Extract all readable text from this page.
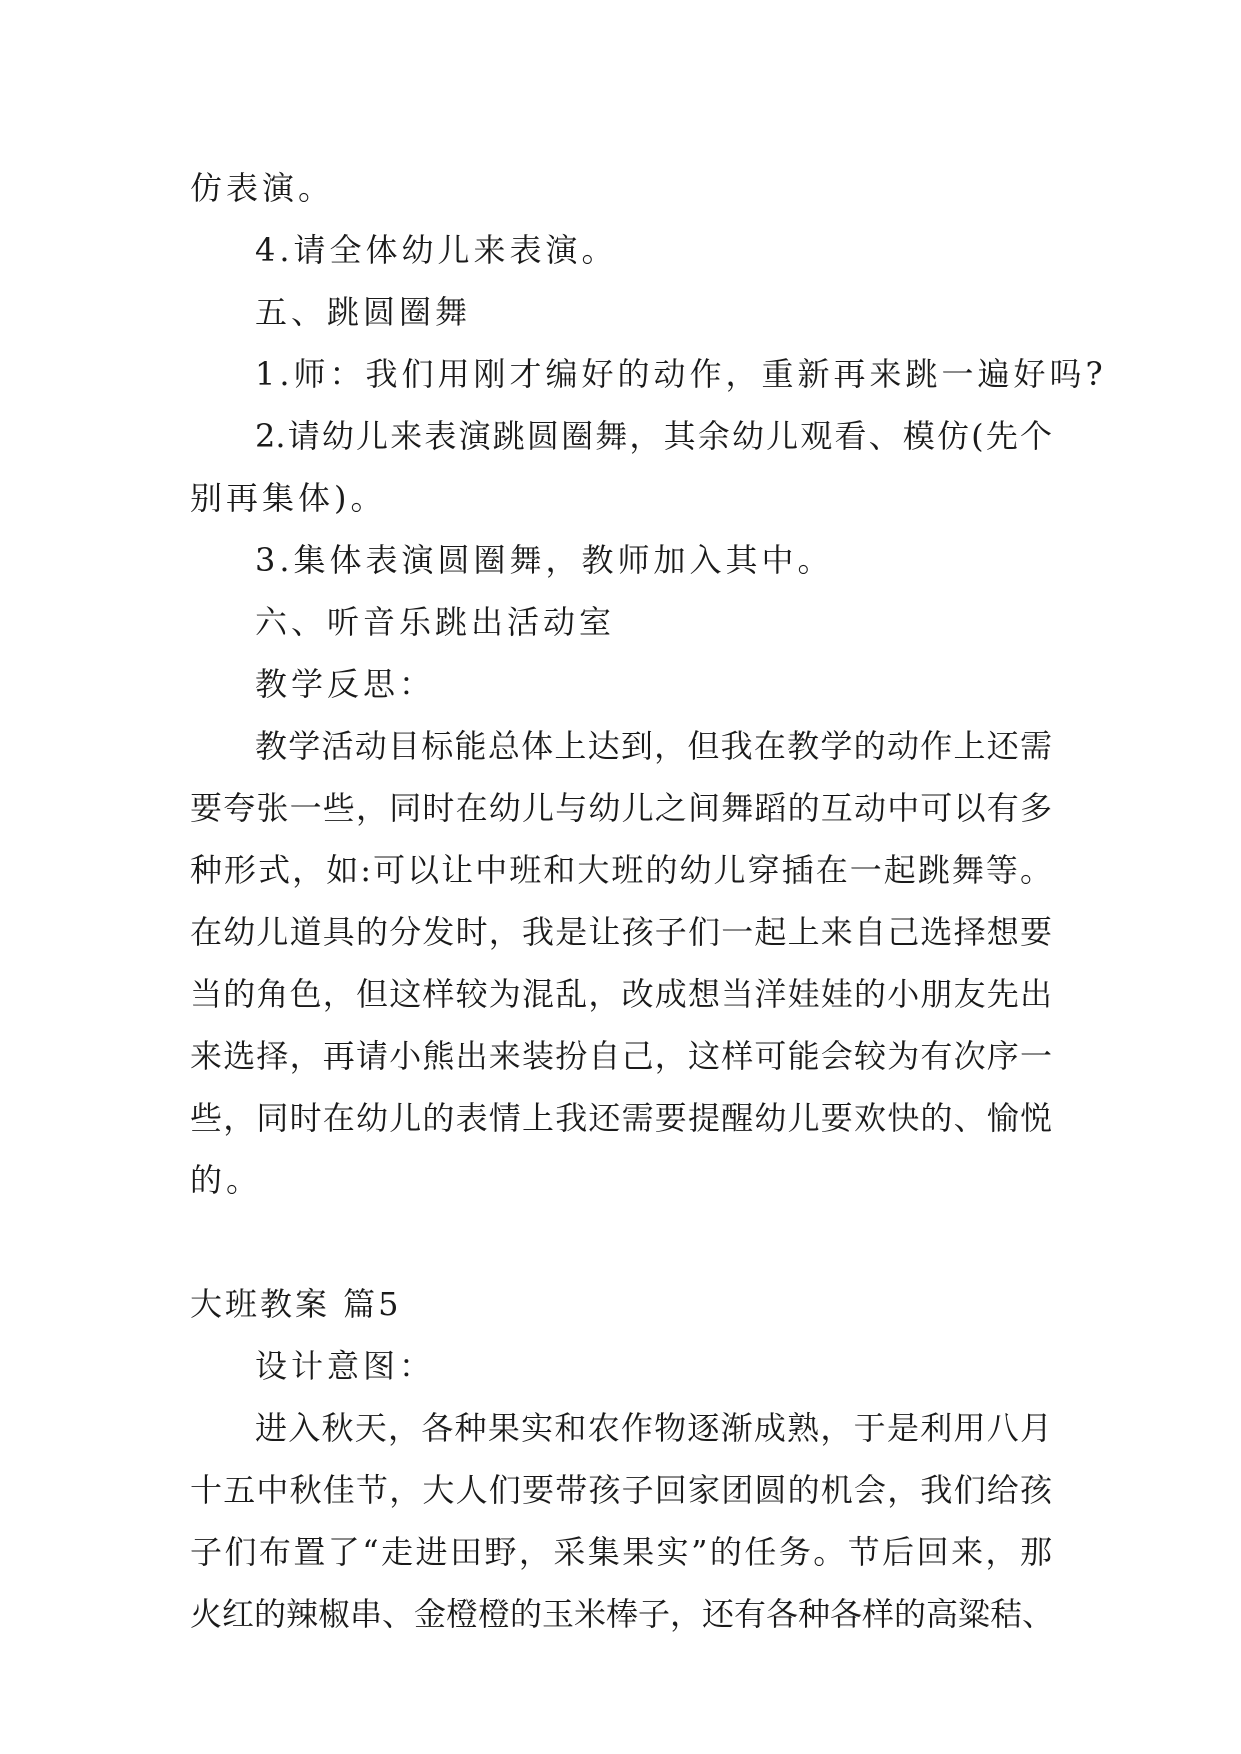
仿表演。
4.请全体幼儿来表演。
五、跳圆圈舞
1.师：我们用刚才编好的动作，重新再来跳一遍好吗?
2.请幼儿来表演跳圆圈舞，其余幼儿观看、模仿(先个
别再集体)。
3.集体表演圆圈舞，教师加入其中。
六、听音乐跳出活动室
教学反思：
教学活动目标能总体上达到，但我在教学的动作上还需
要夸张一些，同时在幼儿与幼儿之间舞蹈的互动中可以有多
种形式，如:可以让中班和大班的幼儿穿插在一起跳舞等。
在幼儿道具的分发时，我是让孩子们一起上来自己选择想要
当的角色，但这样较为混乱，改成想当洋娃娃的小朋友先出
来选择，再请小熊出来装扮自己，这样可能会较为有次序一
些，同时在幼儿的表情上我还需要提醒幼儿要欢快的、愉悦
的。
大班教案 篇5
设计意图：
进入秋天，各种果实和农作物逐渐成熟，于是利用八月
十五中秋佳节，大人们要带孩子回家团圆的机会，我们给孩
子们布置了“走进田野，采集果实”的任务。节后回来，那
火红的辣椒串、金橙橙的玉米棒子，还有各种各样的高粱秸、
